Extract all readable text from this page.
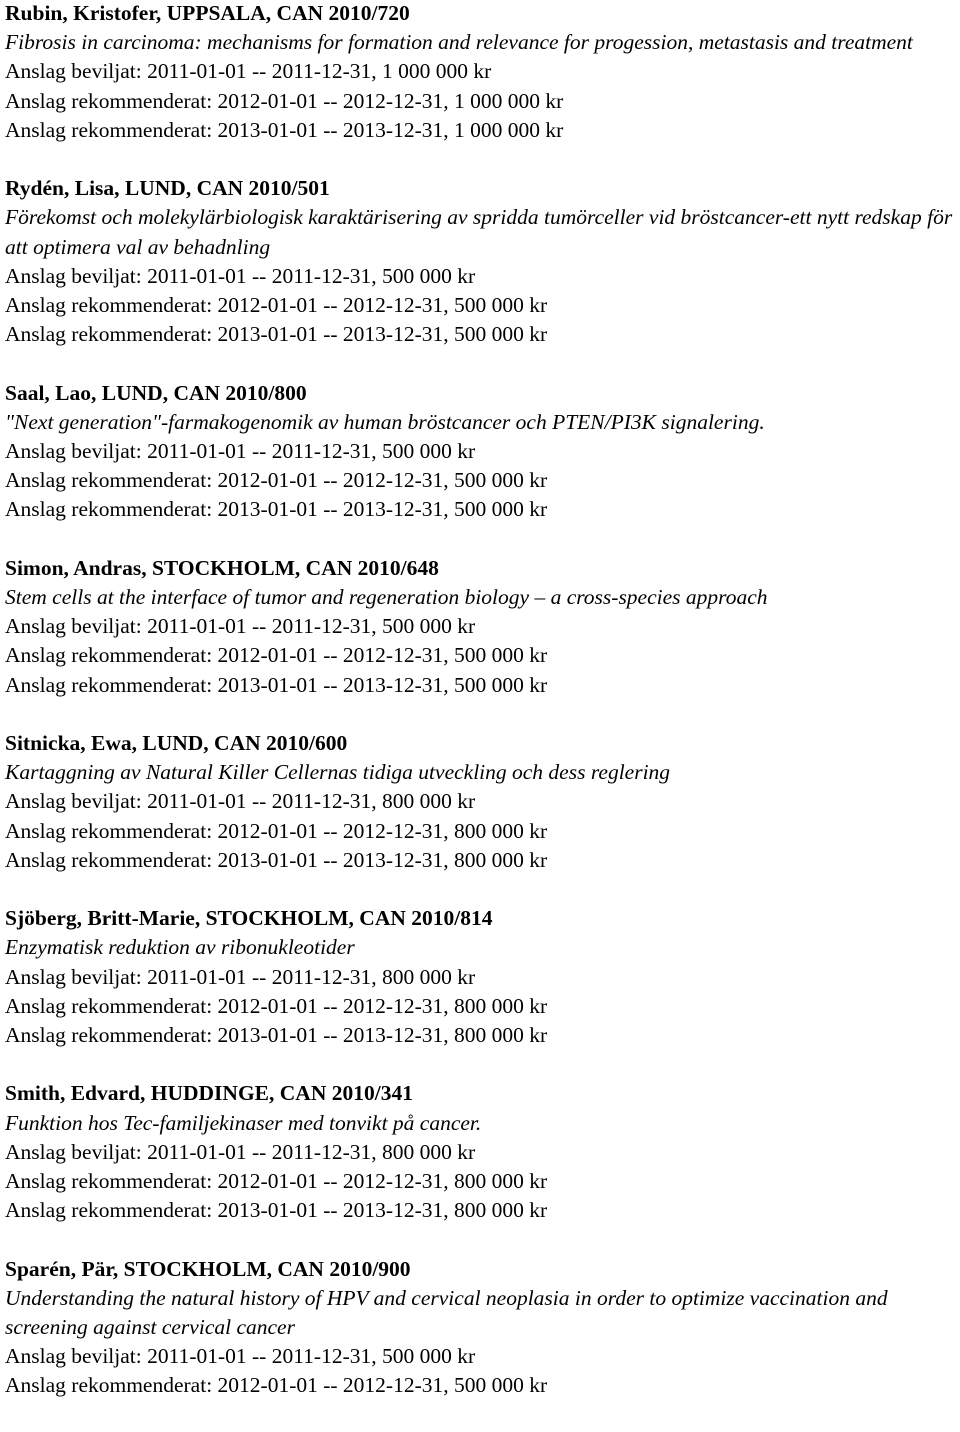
Rubin, Kristofer, UPPSALA, CAN 2010/720
Fibrosis in carcinoma: mechanisms for formation and relevance for progession, metastasis and treatment
Anslag beviljat: 2011-01-01 -- 2011-12-31, 1 000 000 kr
Anslag rekommenderat: 2012-01-01 -- 2012-12-31, 1 000 000 kr
Anslag rekommenderat: 2013-01-01 -- 2013-12-31, 1 000 000 kr
Rydén, Lisa, LUND, CAN 2010/501
Förekomst och molekylärbiologisk karaktärisering av spridda tumörceller vid bröstcancer-ett nytt redskap för att optimera val av behadnling
Anslag beviljat: 2011-01-01 -- 2011-12-31, 500 000 kr
Anslag rekommenderat: 2012-01-01 -- 2012-12-31, 500 000 kr
Anslag rekommenderat: 2013-01-01 -- 2013-12-31, 500 000 kr
Saal, Lao, LUND, CAN 2010/800
"Next generation"-farmakogenomik av human bröstcancer och PTEN/PI3K signalering.
Anslag beviljat: 2011-01-01 -- 2011-12-31, 500 000 kr
Anslag rekommenderat: 2012-01-01 -- 2012-12-31, 500 000 kr
Anslag rekommenderat: 2013-01-01 -- 2013-12-31, 500 000 kr
Simon, Andras, STOCKHOLM, CAN 2010/648
Stem cells at the interface of tumor and regeneration biology – a cross-species approach
Anslag beviljat: 2011-01-01 -- 2011-12-31, 500 000 kr
Anslag rekommenderat: 2012-01-01 -- 2012-12-31, 500 000 kr
Anslag rekommenderat: 2013-01-01 -- 2013-12-31, 500 000 kr
Sitnicka, Ewa, LUND, CAN 2010/600
Kartaggning av Natural Killer Cellernas tidiga utveckling och dess reglering
Anslag beviljat: 2011-01-01 -- 2011-12-31, 800 000 kr
Anslag rekommenderat: 2012-01-01 -- 2012-12-31, 800 000 kr
Anslag rekommenderat: 2013-01-01 -- 2013-12-31, 800 000 kr
Sjöberg, Britt-Marie, STOCKHOLM, CAN 2010/814
Enzymatisk reduktion av ribonukleotider
Anslag beviljat: 2011-01-01 -- 2011-12-31, 800 000 kr
Anslag rekommenderat: 2012-01-01 -- 2012-12-31, 800 000 kr
Anslag rekommenderat: 2013-01-01 -- 2013-12-31, 800 000 kr
Smith, Edvard, HUDDINGE, CAN 2010/341
Funktion hos Tec-familjekinaser med tonvikt på cancer.
Anslag beviljat: 2011-01-01 -- 2011-12-31, 800 000 kr
Anslag rekommenderat: 2012-01-01 -- 2012-12-31, 800 000 kr
Anslag rekommenderat: 2013-01-01 -- 2013-12-31, 800 000 kr
Sparén, Pär, STOCKHOLM, CAN 2010/900
Understanding the natural history of HPV and cervical neoplasia in order to optimize vaccination and screening against cervical cancer
Anslag beviljat: 2011-01-01 -- 2011-12-31, 500 000 kr
Anslag rekommenderat: 2012-01-01 -- 2012-12-31, 500 000 kr
